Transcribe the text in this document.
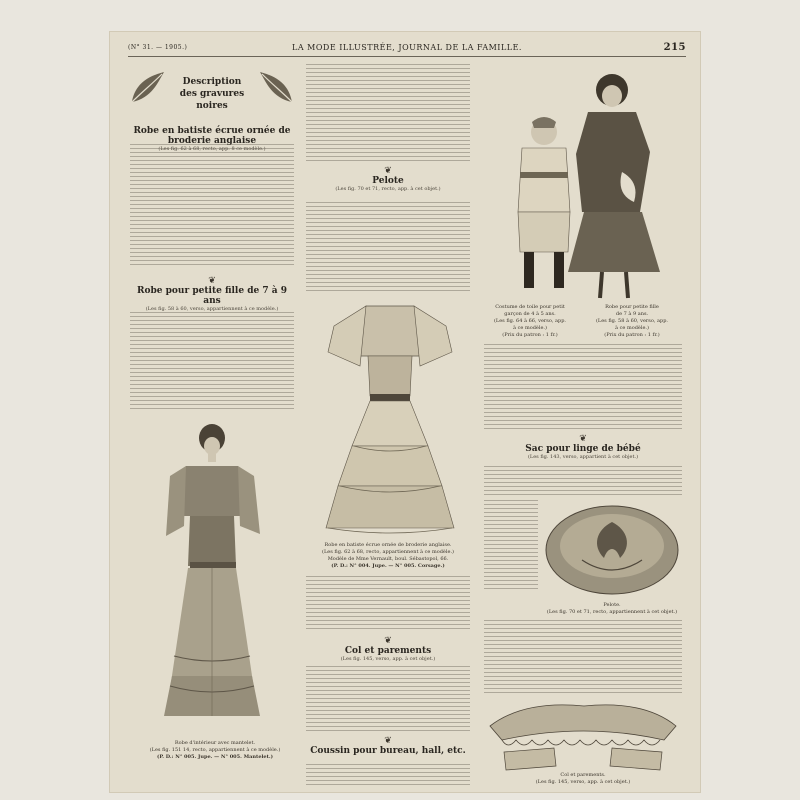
(N° 31. — 1905.)	LA MODE ILLUSTRÉE, JOURNAL DE LA FAMILLE.	215
Description
des gravures noires

Robe en batiste écrue ornée de broderie anglaise

(Les fig. 62 à 68, recto, app. 8 ce modèle.)
❦

Robe pour petite fille de 7 à 9 ans

(Les fig. 58 à 60, verso, appartiennent à ce modèle.)
Robe d'intérieur avec mantelet.
(Les fig. 151 14, recto, appartiennent à ce modèle.)
(P. D.: N° 005. Jupe. — N° 005. Mantelet.)
❦

Pelote

(Les fig. 70 et 71, recto, app. à cet objet.)
Robe en batiste écrue ornée de broderie anglaise.
(Les fig. 62 à 68, recto, appartiennent à ce modèle.)
Modèle de Mme Vernault, boul. Sébastopol, 66.
(P. D.: N° 004. Jupe. — N° 005. Corsage.)
❦

Col et parements

(Les fig. 145, verso, app. à cet objet.)
❦

Coussin pour bureau, hall, etc.

Costume de toile pour petit
garçon de 4 à 5 ans.
(Les fig. 64 à 66, verso, app.
à ce modèle.)
(Prix du patron : 1 fr.)
Robe pour petite fille
de 7 à 9 ans.
(Les fig. 58 à 60, verso, app.
à ce modèle.)
(Prix du patron : 1 fr.)
❦

Sac pour linge de bébé

(Les fig. 143, verso, appartient à cet objet.)
Pelote.
(Les fig. 70 et 71, recto, appartiennent à cet objet.)
Col et parements.
(Les fig. 145, verso, app. à cet objet.)
